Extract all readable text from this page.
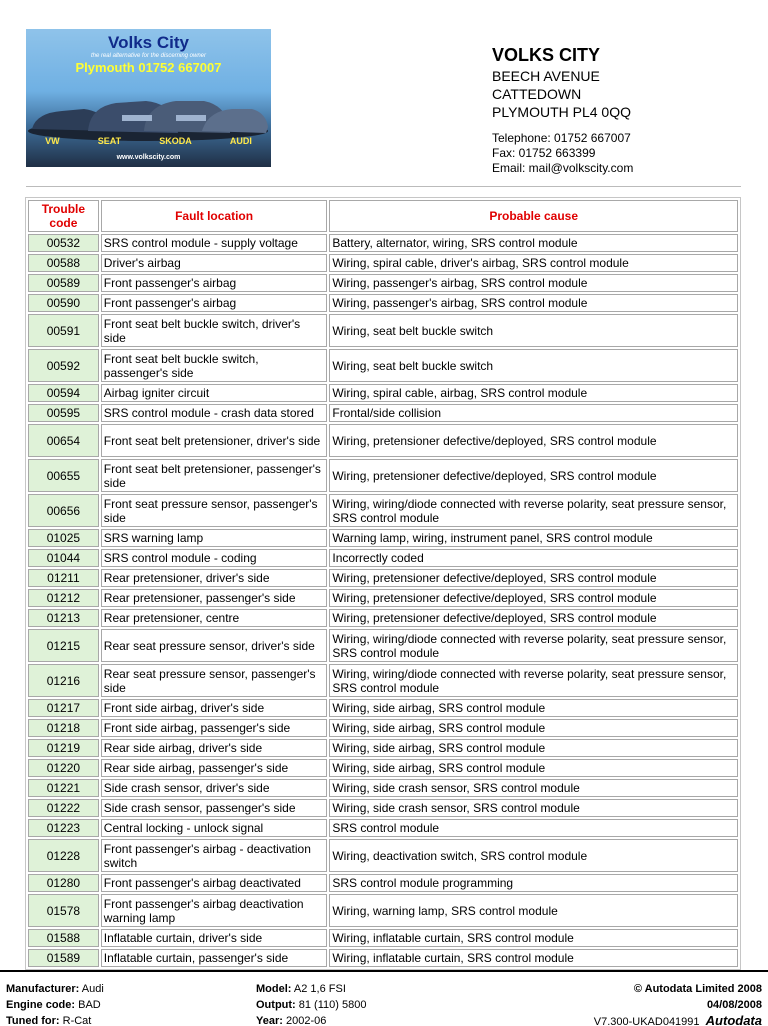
Volks City
the real alternative for the discerning owner
Plymouth 01752 667007
VW	SEAT	SKODA	AUDI
www.volkscity.com
VOLKS CITY
BEECH AVENUE
CATTEDOWN
PLYMOUTH PL4 0QQ
Telephone: 01752 667007
Fax: 01752 663399
Email: mail@volkscity.com
Trouble code	Fault location	Probable cause
00532	SRS control module - supply voltage	Battery, alternator, wiring, SRS control module
00588	Driver's airbag	Wiring, spiral cable, driver's airbag, SRS control module
00589	Front passenger's airbag	Wiring, passenger's airbag, SRS control module
00590	Front passenger's airbag	Wiring, passenger's airbag, SRS control module
00591	Front seat belt buckle switch, driver's side	Wiring, seat belt buckle switch
00592	Front seat belt buckle switch, passenger's side	Wiring, seat belt buckle switch
00594	Airbag igniter circuit	Wiring, spiral cable, airbag, SRS control module
00595	SRS control module - crash data stored	Frontal/side collision
00654	Front seat belt pretensioner, driver's side	Wiring, pretensioner defective/deployed, SRS control module
00655	Front seat belt pretensioner, passenger's side	Wiring, pretensioner defective/deployed, SRS control module
00656	Front seat pressure sensor, passenger's side	Wiring, wiring/diode connected with reverse polarity, seat pressure sensor, SRS control module
01025	SRS warning lamp	Warning lamp, wiring, instrument panel, SRS control module
01044	SRS control module - coding	Incorrectly coded
01211	Rear pretensioner, driver's side	Wiring, pretensioner defective/deployed, SRS control module
01212	Rear pretensioner, passenger's side	Wiring, pretensioner defective/deployed, SRS control module
01213	Rear pretensioner, centre	Wiring, pretensioner defective/deployed, SRS control module
01215	Rear seat pressure sensor, driver's side	Wiring, wiring/diode connected with reverse polarity, seat pressure sensor, SRS control module
01216	Rear seat pressure sensor, passenger's side	Wiring, wiring/diode connected with reverse polarity, seat pressure sensor, SRS control module
01217	Front side airbag, driver's side	Wiring, side airbag, SRS control module
01218	Front side airbag, passenger's side	Wiring, side airbag, SRS control module
01219	Rear side airbag, driver's side	Wiring, side airbag, SRS control module
01220	Rear side airbag, passenger's side	Wiring, side airbag, SRS control module
01221	Side crash sensor, driver's side	Wiring, side crash sensor, SRS control module
01222	Side crash sensor, passenger's side	Wiring, side crash sensor, SRS control module
01223	Central locking - unlock signal	SRS control module
01228	Front passenger's airbag - deactivation switch	Wiring, deactivation switch, SRS control module
01280	Front passenger's airbag deactivated	SRS control module programming
01578	Front passenger's airbag deactivation warning lamp	Wiring, warning lamp, SRS control module
01588	Inflatable curtain, driver's side	Wiring, inflatable curtain, SRS control module
01589	Inflatable curtain, passenger's side	Wiring, inflatable curtain, SRS control module
Manufacturer: Audi
Engine code: BAD
Tuned for: R-Cat
Model: A2 1,6 FSI
Output: 81 (110) 5800
Year: 2002-06
© Autodata Limited 2008
04/08/2008
V7.300-UKAD041991 Autodata
